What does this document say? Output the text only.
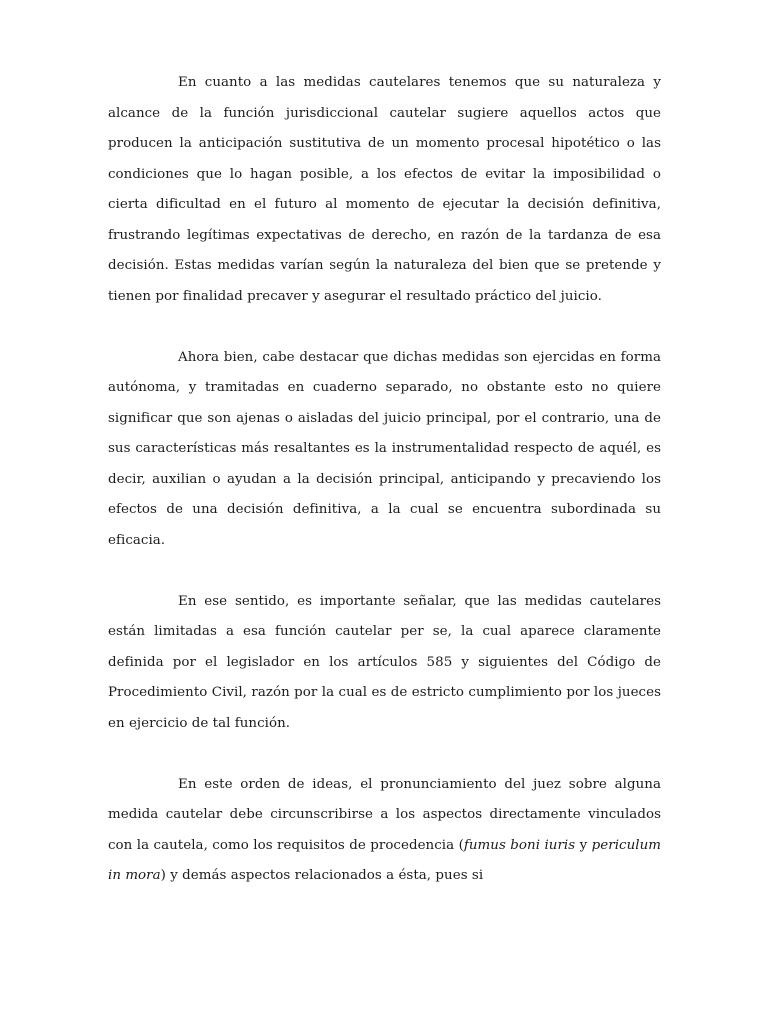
En cuanto a las medidas cautelares tenemos que su naturaleza y alcance de la función jurisdiccional cautelar sugiere aquellos actos que producen la anticipación sustitutiva de un momento procesal hipotético o las condiciones que lo hagan posible, a los efectos de evitar la imposibilidad o cierta dificultad en el futuro al momento de ejecutar la decisión definitiva, frustrando legítimas expectativas de derecho, en razón de la tardanza de esa decisión. Estas medidas varían según la naturaleza del bien que se pretende y tienen por finalidad precaver y asegurar el resultado práctico del juicio.

Ahora bien, cabe destacar que dichas medidas son ejercidas en forma autónoma, y tramitadas en cuaderno separado, no obstante esto no quiere significar que son ajenas o aisladas del juicio principal, por el contrario, una de sus características más resaltantes es la instrumentalidad respecto de aquél, es decir, auxilian o ayudan a la decisión principal, anticipando y precaviendo los efectos de una decisión definitiva, a la cual se encuentra subordinada su eficacia.

En ese sentido, es importante señalar, que las medidas cautelares están limitadas a esa función cautelar per se, la cual aparece claramente definida por el legislador en los artículos 585 y siguientes del Código de Procedimiento Civil, razón por la cual es de estricto cumplimiento por los jueces en ejercicio de tal función.

En este orden de ideas, el pronunciamiento del juez sobre alguna medida cautelar debe circunscribirse a los aspectos directamente vinculados con la cautela, como los requisitos de procedencia (fumus boni iuris y periculum in mora) y demás aspectos relacionados a ésta, pues si
